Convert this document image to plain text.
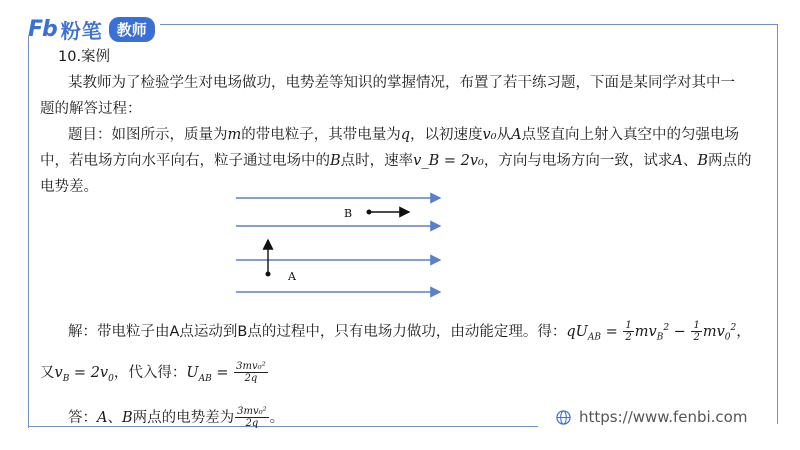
Fb 粉笔 教师
10.案例
某教师为了检验学生对电场做功，电势差等知识的掌握情况，布置了若干练习题，下面是某同学对其中一
题的解答过程：
题目：如图所示，质量为m的带电粒子，其带电量为q，以初速度v₀从A点竖直向上射入真空中的匀强电场
中，若电场方向水平向右，粒子通过电场中的B点时，速率v_B = 2v₀，方向与电场方向一致，试求A、B两点的
电势差。
解：带电粒子由A点运动到B点的过程中，只有电场力做功，由动能定理。得：$qU_{AB} = \frac{1}{2} mv_B^2 - \frac{1}{2} mv_0^2$，
又$v_B = 2v_0$，代入得：$U_{AB} = \frac{\text{3mv₀²}}{2q}$
答：A、B两点的电势差为 $\frac{\text{3mv₀²}}{2q}$ 。
B
A
https://www.fenbi.com
